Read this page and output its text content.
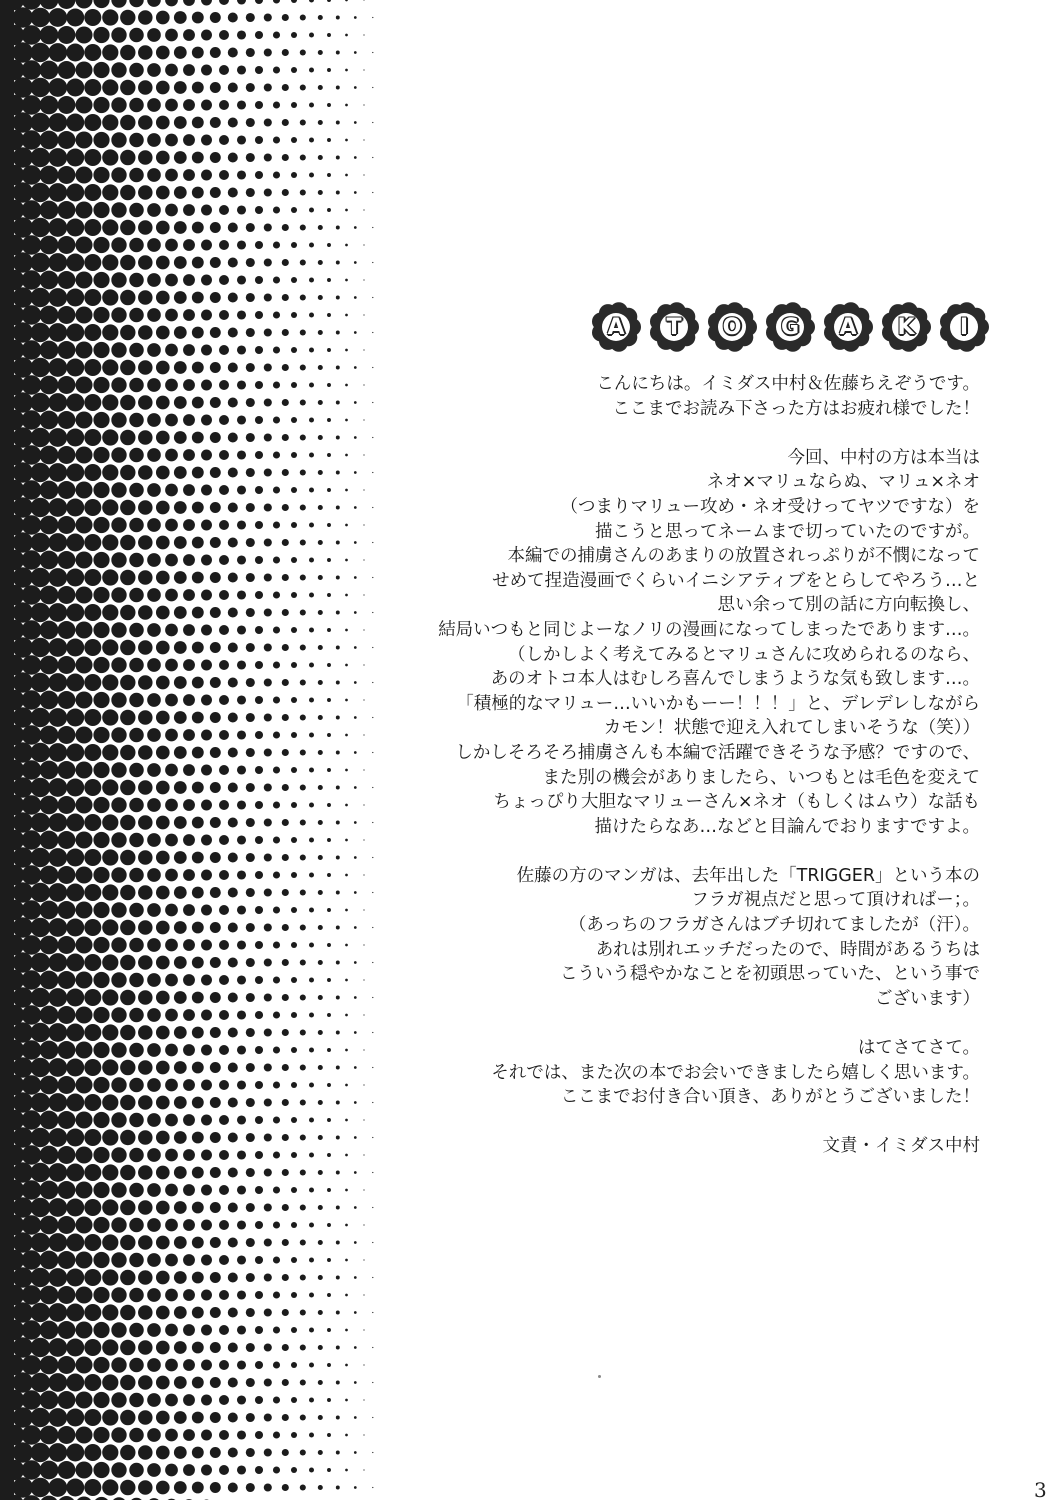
A	T	O	G	A	K	I
こんにちは。イミダス中村＆佐藤ちえぞうです。
ここまでお読み下さった方はお疲れ様でした！
今回、中村の方は本当は
ネオ×マリュならぬ、マリュ×ネオ
（つまりマリュー攻め・ネオ受けってヤツですな）を
描こうと思ってネームまで切っていたのですが。
本編での捕虜さんのあまりの放置されっぷりが不憫になって
せめて捏造漫画でくらいイニシアティブをとらしてやろう…と
思い余って別の話に方向転換し、
結局いつもと同じよーなノリの漫画になってしまったであります…。
（しかしよく考えてみるとマリュさんに攻められるのなら、
あのオトコ本人はむしろ喜んでしまうような気も致します…。
「積極的なマリュー…いいかもーー！！！」と、デレデレしながら
カモン！状態で迎え入れてしまいそうな（笑））
しかしそろそろ捕虜さんも本編で活躍できそうな予感？ですので、
また別の機会がありましたら、いつもとは毛色を変えて
ちょっぴり大胆なマリューさん×ネオ（もしくはムウ）な話も
描けたらなあ…などと目論んでおりますですよ。
佐藤の方のマンガは、去年出した「TRIGGER」という本の
フラガ視点だと思って頂ければー；。
（あっちのフラガさんはブチ切れてましたが（汗）。
あれは別れエッチだったので、時間があるうちは
こういう穏やかなことを初頭思っていた、という事で
ございます）
はてさてさて。
それでは、また次の本でお会いできましたら嬉しく思います。
ここまでお付き合い頂き、ありがとうございました！
文責・イミダス中村
3
